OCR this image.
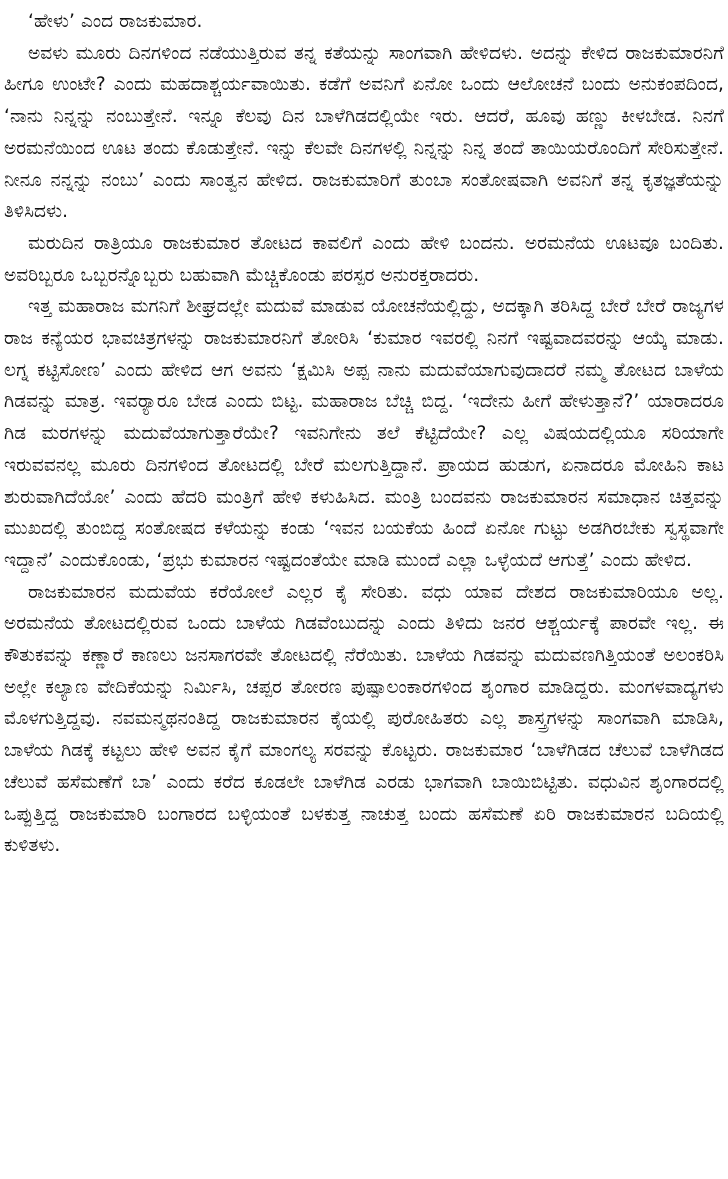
‘ಹೇಳು’ ಎಂದ ರಾಜಕುಮಾರ.

ಅವಳು ಮೂರು ದಿನಗಳಿಂದ ನಡೆಯುತ್ತಿರುವ ತನ್ನ ಕತೆಯನ್ನು ಸಾಂಗವಾಗಿ ಹೇಳಿದಳು. ಅದನ್ನು ಕೇಳಿದ ರಾಜಕುಮಾರನಿಗೆ ಹೀಗೂ ಉಂಟೇ? ಎಂದು ಮಹದಾಶ್ಚರ್ಯವಾಯಿತು. ಕಡೆಗೆ ಅವನಿಗೆ ಏನೋ ಒಂದು ಆಲೋಚನೆ ಬಂದು ಅನುಕಂಪದಿಂದ, ‘ನಾನು ನಿನ್ನನ್ನು ನಂಬುತ್ತೇನೆ. ಇನ್ನೂ ಕೆಲವು ದಿನ ಬಾಳೆಗಿಡದಲ್ಲಿಯೇ ಇರು. ಆದರೆ, ಹೂವು ಹಣ್ಣು ಕೀಳಬೇಡ. ನಿನಗೆ ಅರಮನೆಯಿಂದ ಊಟ ತಂದು ಕೊಡುತ್ತೇನೆ. ಇನ್ನು ಕೆಲವೇ ದಿನಗಳಲ್ಲಿ ನಿನ್ನನ್ನು ನಿನ್ನ ತಂದೆ ತಾಯಿಯರೊಂದಿಗೆ ಸೇರಿಸುತ್ತೇನೆ. ನೀನೂ ನನ್ನನ್ನು ನಂಬು’ ಎಂದು ಸಾಂತ್ವನ ಹೇಳಿದ. ರಾಜಕುಮಾರಿಗೆ ತುಂಬಾ ಸಂತೋಷವಾಗಿ ಅವನಿಗೆ ತನ್ನ ಕೃತಜ್ಞತೆಯನ್ನು ತಿಳಿಸಿದಳು.

ಮರುದಿನ ರಾತ್ರಿಯೂ ರಾಜಕುಮಾರ ತೋಟದ ಕಾವಲಿಗೆ ಎಂದು ಹೇಳಿ ಬಂದನು. ಅರಮನೆಯ ಊಟವೂ ಬಂದಿತು. ಅವರಿಬ್ಬರೂ ಒಬ್ಬರನ್ನೊಬ್ಬರು ಬಹುವಾಗಿ ಮೆಚ್ಚಿಕೊಂಡು ಪರಸ್ಪರ ಅನುರಕ್ತರಾದರು.

ಇತ್ತ ಮಹಾರಾಜ ಮಗನಿಗೆ ಶೀಘ್ರದಲ್ಲೇ ಮದುವೆ ಮಾಡುವ ಯೋಚನೆಯಲ್ಲಿದ್ದು, ಅದಕ್ಕಾಗಿ ತರಿಸಿದ್ದ ಬೇರೆ ಬೇರೆ ರಾಜ್ಯಗಳ ರಾಜ ಕನ್ಯೆಯರ ಭಾವಚಿತ್ರಗಳನ್ನು ರಾಜಕುಮಾರನಿಗೆ ತೋರಿಸಿ ‘ಕುಮಾರ ಇವರಲ್ಲಿ ನಿನಗೆ ಇಷ್ಟವಾದವರನ್ನು ಆಯ್ಕೆ ಮಾಡು. ಲಗ್ನ ಕಟ್ಟಿಸೋಣ’ ಎಂದು ಹೇಳಿದ ಆಗ ಅವನು ‘ಕ್ಷಮಿಸಿ ಅಪ್ಪ ನಾನು ಮದುವೆಯಾಗುವುದಾದರೆ ನಮ್ಮ ತೋಟದ ಬಾಳೆಯ ಗಿಡವನ್ನು ಮಾತ್ರ. ಇವರ್‍ಯಾರೂ ಬೇಡ ಎಂದು ಬಿಟ್ಟ. ಮಹಾರಾಜ ಬೆಚ್ಚಿ ಬಿದ್ದ. ‘ಇದೇನು ಹೀಗೆ ಹೇಳುತ್ತಾನೆ?’ ಯಾರಾದರೂ ಗಿಡ ಮರಗಳನ್ನು ಮದುವೆಯಾಗುತ್ತಾರೆಯೇ? ಇವನಿಗೇನು ತಲೆ ಕೆಟ್ಟಿದೆಯೇ? ಎಲ್ಲ ವಿಷಯದಲ್ಲಿಯೂ ಸರಿಯಾಗೇ ಇರುವವನಲ್ಲ ಮೂರು ದಿನಗಳಿಂದ ತೋಟದಲ್ಲಿ ಬೇರೆ ಮಲಗುತ್ತಿದ್ದಾನೆ. ಪ್ರಾಯದ ಹುಡುಗ, ಏನಾದರೂ ಮೋಹಿನಿ ಕಾಟ ಶುರುವಾಗಿದೆಯೋ’ ಎಂದು ಹೆದರಿ ಮಂತ್ರಿಗೆ ಹೇಳಿ ಕಳುಹಿಸಿದ. ಮಂತ್ರಿ ಬಂದವನು ರಾಜಕುಮಾರನ ಸಮಾಧಾನ ಚಿತ್ತವನ್ನು ಮುಖದಲ್ಲಿ ತುಂಬಿದ್ದ ಸಂತೋಷದ ಕಳೆಯನ್ನು ಕಂಡು ‘ಇವನ ಬಯಕೆಯ ಹಿಂದೆ ಏನೋ ಗುಟ್ಟು ಅಡಗಿರಬೇಕು ಸ್ವಸ್ಥವಾಗೇ ಇದ್ದಾನೆ’ ಎಂದುಕೊಂಡು, ‘ಪ್ರಭು ಕುಮಾರನ ಇಷ್ಟದಂತೆಯೇ ಮಾಡಿ ಮುಂದೆ ಎಲ್ಲಾ ಒಳ್ಳೆಯದೆ ಆಗುತ್ತೆ’ ಎಂದು ಹೇಳಿದ.

ರಾಜಕುಮಾರನ ಮದುವೆಯ ಕರೆಯೋಲೆ ಎಲ್ಲರ ಕೈ ಸೇರಿತು. ವಧು ಯಾವ ದೇಶದ ರಾಜಕುಮಾರಿಯೂ ಅಲ್ಲ. ಅರಮನೆಯ ತೋಟದಲ್ಲಿರುವ ಒಂದು ಬಾಳೆಯ ಗಿಡವೆಂಬುದನ್ನು ಎಂದು ತಿಳಿದು ಜನರ ಆಶ್ಚರ್ಯಕ್ಕೆ ಪಾರವೇ ಇಲ್ಲ. ಈ ಕೌತುಕವನ್ನು ಕಣ್ಣಾರೆ ಕಾಣಲು ಜನಸಾಗರವೇ ತೋಟದಲ್ಲಿ ನೆರೆಯಿತು. ಬಾಳೆಯ ಗಿಡವನ್ನು ಮದುವಣಗಿತ್ತಿಯಂತೆ ಅಲಂಕರಿಸಿ ಅಲ್ಲೇ ಕಲ್ಯಾಣ ವೇದಿಕೆಯನ್ನು ನಿರ್ಮಿಸಿ, ಚಪ್ಪರ ತೋರಣ ಪುಷ್ಪಾಲಂಕಾರಗಳಿಂದ ಶೃಂಗಾರ ಮಾಡಿದ್ದರು. ಮಂಗಳವಾದ್ಯಗಳು ಮೊಳಗುತ್ತಿದ್ದವು. ನವಮನ್ಮಥನಂತಿದ್ದ ರಾಜಕುಮಾರನ ಕೈಯಲ್ಲಿ ಪುರೋಹಿತರು ಎಲ್ಲ ಶಾಸ್ತ್ರಗಳನ್ನು ಸಾಂಗವಾಗಿ ಮಾಡಿಸಿ, ಬಾಳೆಯ ಗಿಡಕ್ಕೆ ಕಟ್ಟಲು ಹೇಳಿ ಅವನ ಕೈಗೆ ಮಾಂಗಲ್ಯ ಸರವನ್ನು ಕೊಟ್ಟರು. ರಾಜಕುಮಾರ ‘ಬಾಳೆಗಿಡದ ಚೆಲುವೆ ಬಾಳೆಗಿಡದ ಚೆಲುವೆ ಹಸೆಮಣೆಗೆ ಬಾ’ ಎಂದು ಕರೆದ ಕೂಡಲೇ ಬಾಳೆಗಿಡ ಎರಡು ಭಾಗವಾಗಿ ಬಾಯಿಬಿಟ್ಟಿತು. ವಧುವಿನ ಶೃಂಗಾರದಲ್ಲಿ ಒಪ್ಪುತ್ತಿದ್ದ ರಾಜಕುಮಾರಿ ಬಂಗಾರದ ಬಳ್ಳಿಯಂತೆ ಬಳಕುತ್ತ ನಾಚುತ್ತ ಬಂದು ಹಸೆಮಣೆ ಏರಿ ರಾಜಕುಮಾರನ ಬದಿಯಲ್ಲಿ ಕುಳಿತಳು.
